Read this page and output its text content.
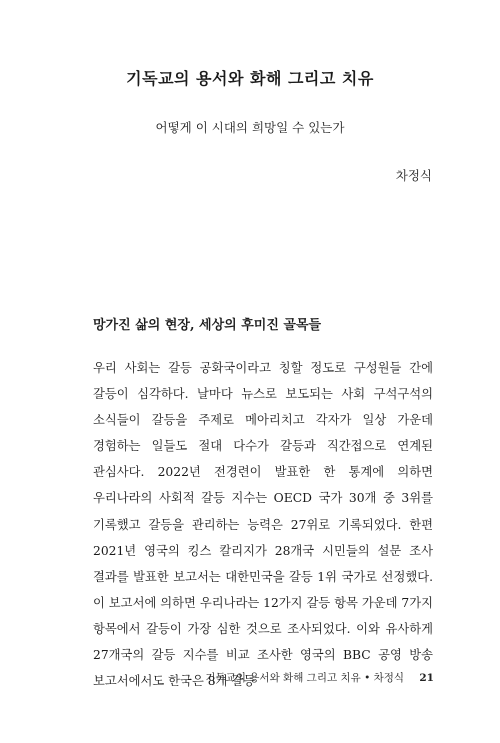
기독교의 용서와 화해 그리고 치유
어떻게 이 시대의 희망일 수 있는가
차정식
망가진 삶의 현장, 세상의 후미진 골목들

우리 사회는 갈등 공화국이라고 칭할 정도로 구성원들 간에 갈등이 심각하다. 날마다 뉴스로 보도되는 사회 구석구석의 소식들이 갈등을 주제로 메아리치고 각자가 일상 가운데 경험하는 일들도 절대 다수가 갈등과 직간접으로 연계된 관심사다. 2022년 전경련이 발표한 한 통계에 의하면 우리나라의 사회적 갈등 지수는 OECD 국가 30개 중 3위를 기록했고 갈등을 관리하는 능력은 27위로 기록되었다. 한편 2021년 영국의 킹스 칼리지가 28개국 시민들의 설문 조사 결과를 발표한 보고서는 대한민국을 갈등 1위 국가로 선정했다. 이 보고서에 의하면 우리나라는 12가지 갈등 항목 가운데 7가지 항목에서 갈등이 가장 심한 것으로 조사되었다. 이와 유사하게 27개국의 갈등 지수를 비교 조사한 영국의 BBC 공영 방송 보고서에서도 한국은 8개 갈등

기독교의 용서와 화해 그리고 치유 • 차정식 21
